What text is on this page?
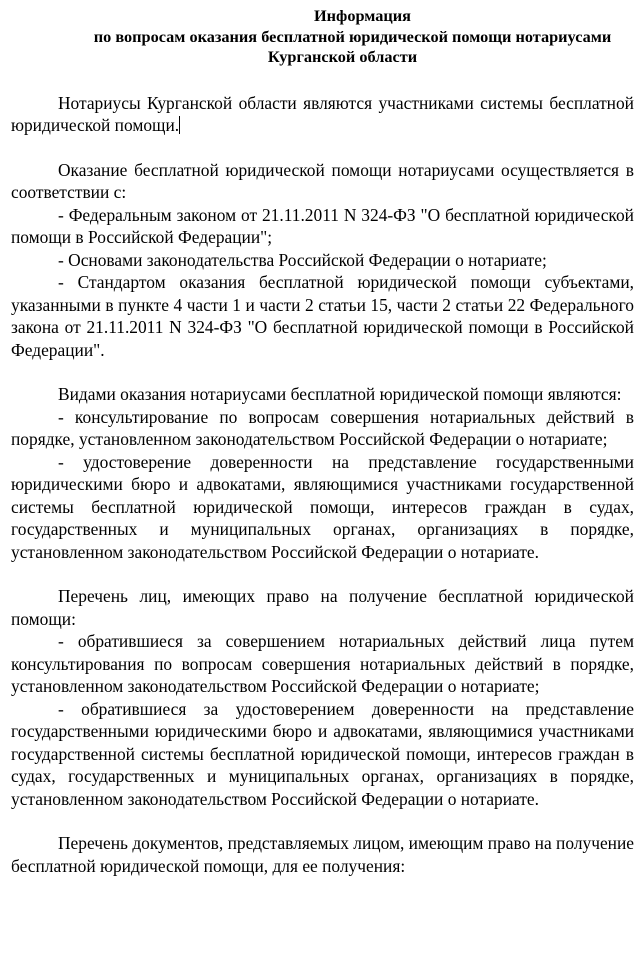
Информация
по вопросам оказания бесплатной юридической помощи нотариусами
Курганской области

Нотариусы Курганской области являются участниками системы бесплатной юридической помощи.

Оказание бесплатной юридической помощи нотариусами осуществляется в соответствии с:

- Федеральным законом от 21.11.2011 N 324-ФЗ "О бесплатной юридической помощи в Российской Федерации";

- Основами законодательства Российской Федерации о нотариате;

- Стандартом оказания бесплатной юридической помощи субъектами, указанными в пункте 4 части 1 и части 2 статьи 15, части 2 статьи 22 Федерального закона от 21.11.2011 N 324-ФЗ "О бесплатной юридической помощи в Российской Федерации".

Видами оказания нотариусами бесплатной юридической помощи являются:

- консультирование по вопросам совершения нотариальных действий в порядке, установленном законодательством Российской Федерации о нотариате;

- удостоверение доверенности на представление государственными юридическими бюро и адвокатами, являющимися участниками государственной системы бесплатной юридической помощи, интересов граждан в судах, государственных и муниципальных органах, организациях в порядке, установленном законодательством Российской Федерации о нотариате.

Перечень лиц, имеющих право на получение бесплатной юридической помощи:

- обратившиеся за совершением нотариальных действий лица путем консультирования по вопросам совершения нотариальных действий в порядке, установленном законодательством Российской Федерации о нотариате;

- обратившиеся за удостоверением доверенности на представление государственными юридическими бюро и адвокатами, являющимися участниками государственной системы бесплатной юридической помощи, интересов граждан в судах, государственных и муниципальных органах, организациях в порядке, установленном законодательством Российской Федерации о нотариате.

Перечень документов, представляемых лицом, имеющим право на получение бесплатной юридической помощи, для ее получения:
